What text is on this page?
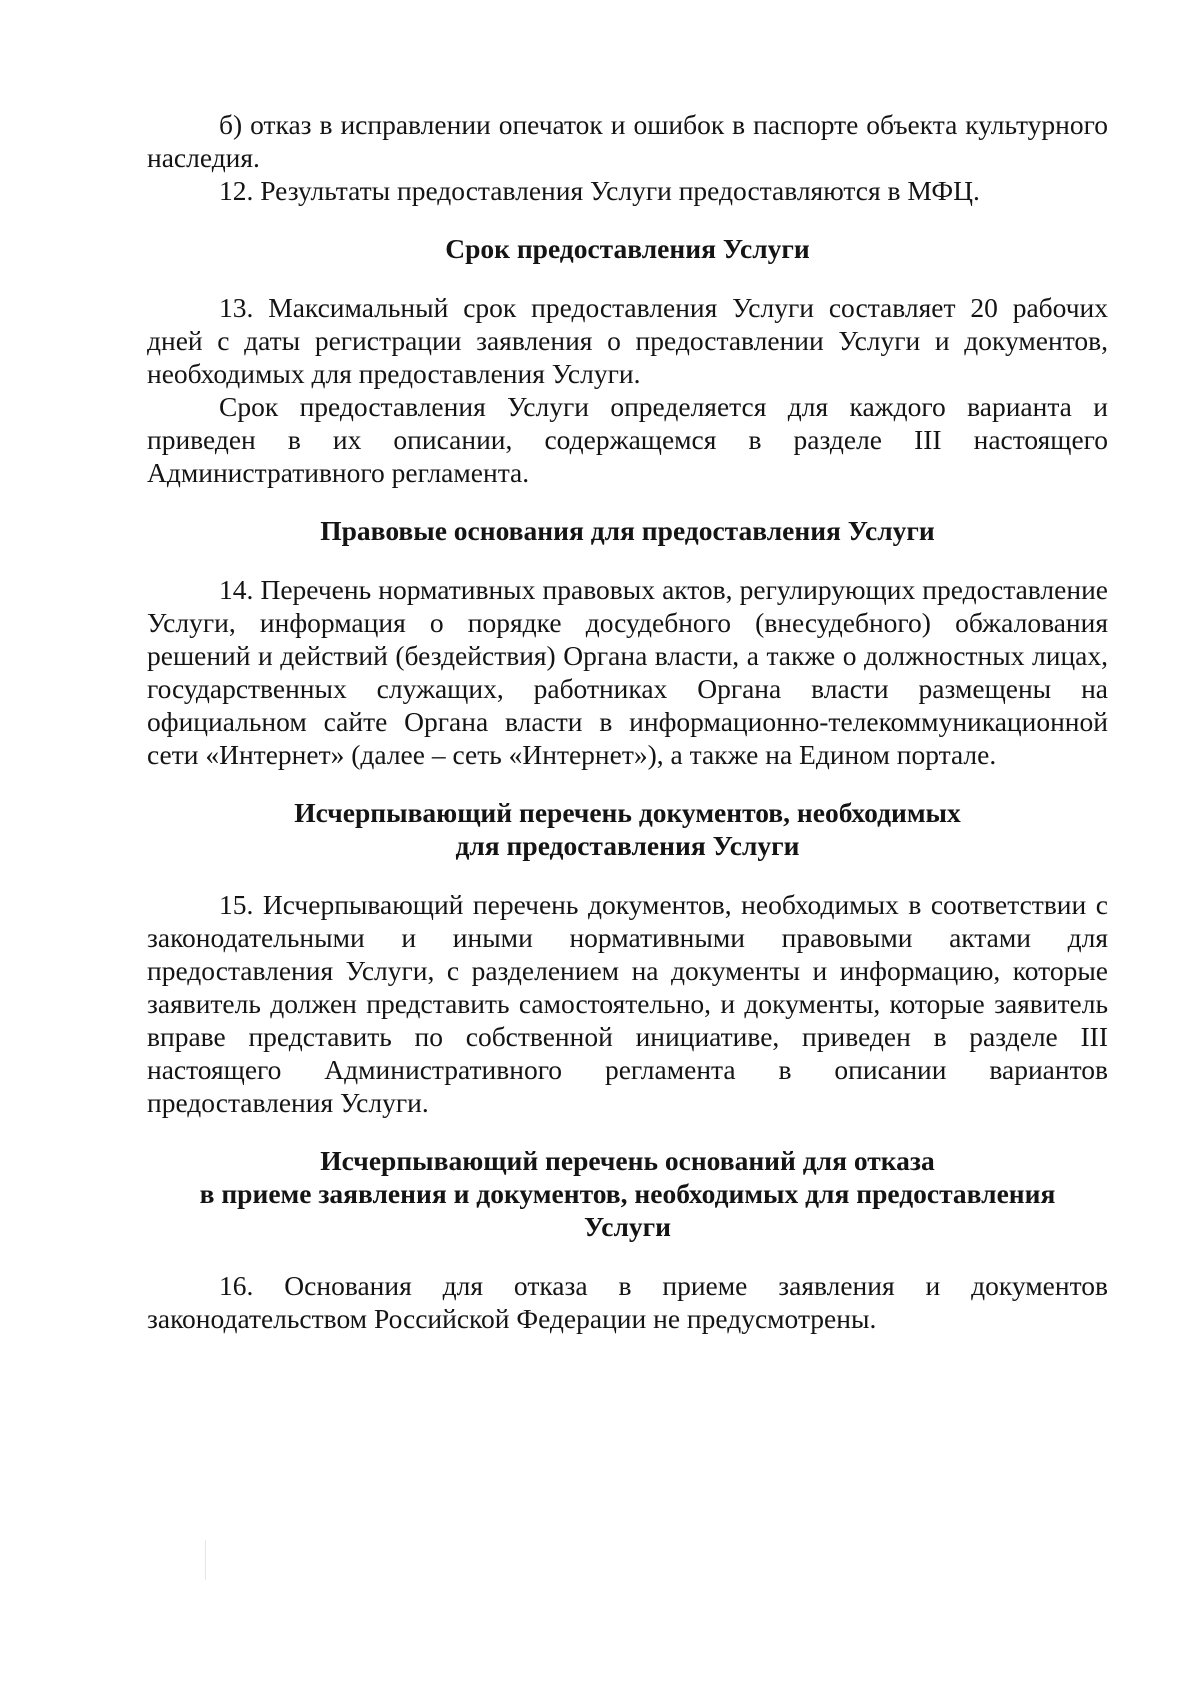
б) отказ в исправлении опечаток и ошибок в паспорте объекта культурного наследия.

12. Результаты предоставления Услуги предоставляются в МФЦ.

Срок предоставления Услуги

13. Максимальный срок предоставления Услуги составляет 20 рабочих дней с даты регистрации заявления о предоставлении Услуги и документов, необходимых для предоставления Услуги.

Срок предоставления Услуги определяется для каждого варианта и приведен в их описании, содержащемся в разделе III настоящего Административного регламента.

Правовые основания для предоставления Услуги

14. Перечень нормативных правовых актов, регулирующих предоставление Услуги, информация о порядке досудебного (внесудебного) обжалования решений и действий (бездействия) Органа власти, а также о должностных лицах, государственных служащих, работниках Органа власти размещены на официальном сайте Органа власти в информационно-телекоммуникационной сети «Интернет» (далее – сеть «Интернет»), а также на Едином портале.

Исчерпывающий перечень документов, необходимых
для предоставления Услуги

15. Исчерпывающий перечень документов, необходимых в соответствии с законодательными и иными нормативными правовыми актами для предоставления Услуги, с разделением на документы и информацию, которые заявитель должен представить самостоятельно, и документы, которые заявитель вправе представить по собственной инициативе, приведен в разделе III настоящего Административного регламента в описании вариантов предоставления Услуги.

Исчерпывающий перечень оснований для отказа
в приеме заявления и документов, необходимых для предоставления
Услуги

16. Основания для отказа в приеме заявления и документов законодательством Российской Федерации не предусмотрены.
